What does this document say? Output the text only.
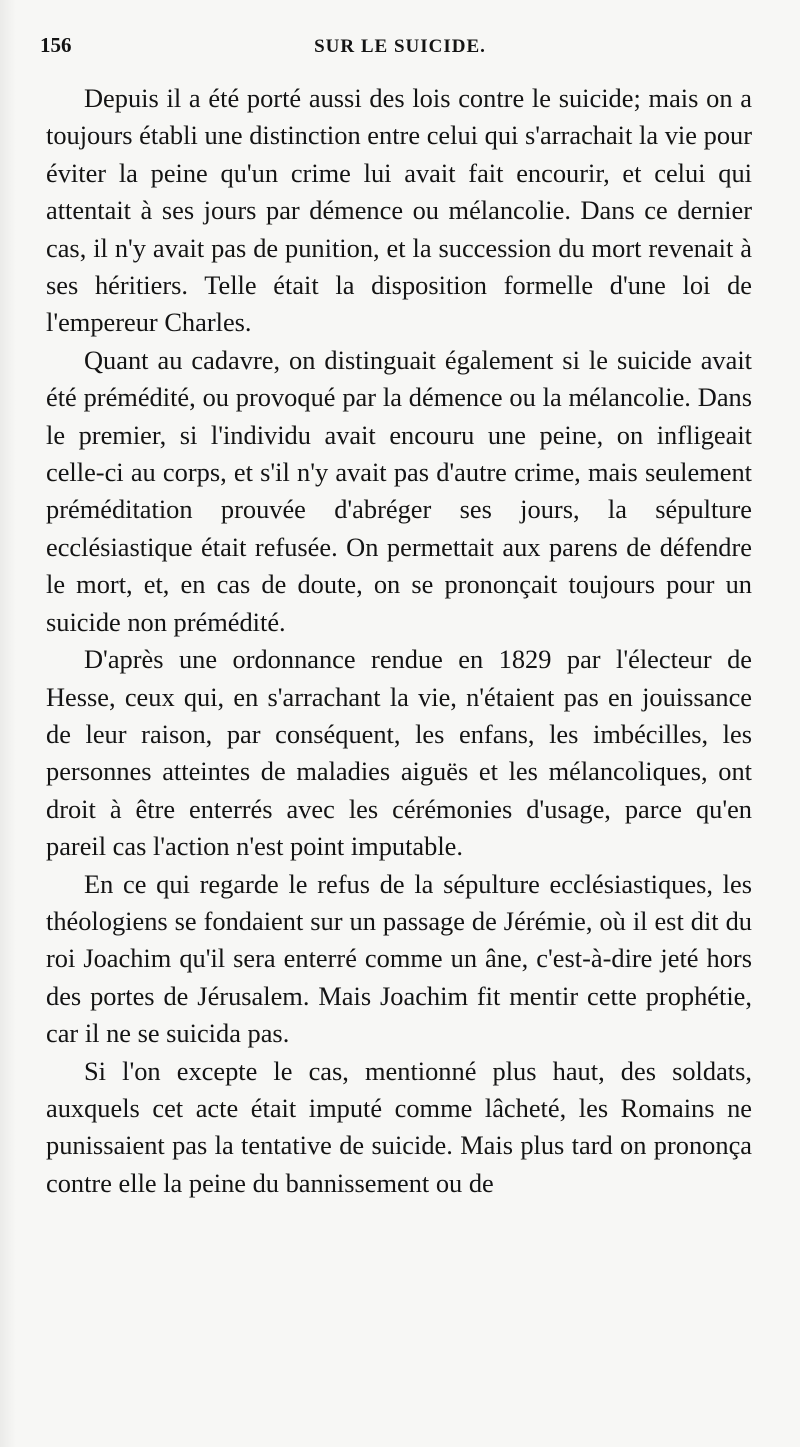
156	SUR LE SUICIDE.

Depuis il a été porté aussi des lois contre le suicide; mais on a toujours établi une distinction entre celui qui s'arrachait la vie pour éviter la peine qu'un crime lui avait fait encourir, et celui qui attentait à ses jours par démence ou mélancolie. Dans ce dernier cas, il n'y avait pas de punition, et la succession du mort revenait à ses héritiers. Telle était la disposition formelle d'une loi de l'empereur Charles.

Quant au cadavre, on distinguait également si le suicide avait été prémédité, ou provoqué par la démence ou la mélancolie. Dans le premier, si l'individu avait encouru une peine, on infligeait celle-ci au corps, et s'il n'y avait pas d'autre crime, mais seulement préméditation prouvée d'abréger ses jours, la sépulture ecclésiastique était refusée. On permettait aux parens de défendre le mort, et, en cas de doute, on se prononçait toujours pour un suicide non prémédité.

D'après une ordonnance rendue en 1829 par l'électeur de Hesse, ceux qui, en s'arrachant la vie, n'étaient pas en jouissance de leur raison, par conséquent, les enfans, les imbécilles, les personnes atteintes de maladies aiguës et les mélancoliques, ont droit à être enterrés avec les cérémonies d'usage, parce qu'en pareil cas l'action n'est point imputable.

En ce qui regarde le refus de la sépulture ecclésiastiques, les théologiens se fondaient sur un passage de Jérémie, où il est dit du roi Joachim qu'il sera enterré comme un âne, c'est-à-dire jeté hors des portes de Jérusalem. Mais Joachim fit mentir cette prophétie, car il ne se suicida pas.

Si l'on excepte le cas, mentionné plus haut, des soldats, auxquels cet acte était imputé comme lâcheté, les Romains ne punissaient pas la tentative de suicide. Mais plus tard on prononça contre elle la peine du bannissement ou de
